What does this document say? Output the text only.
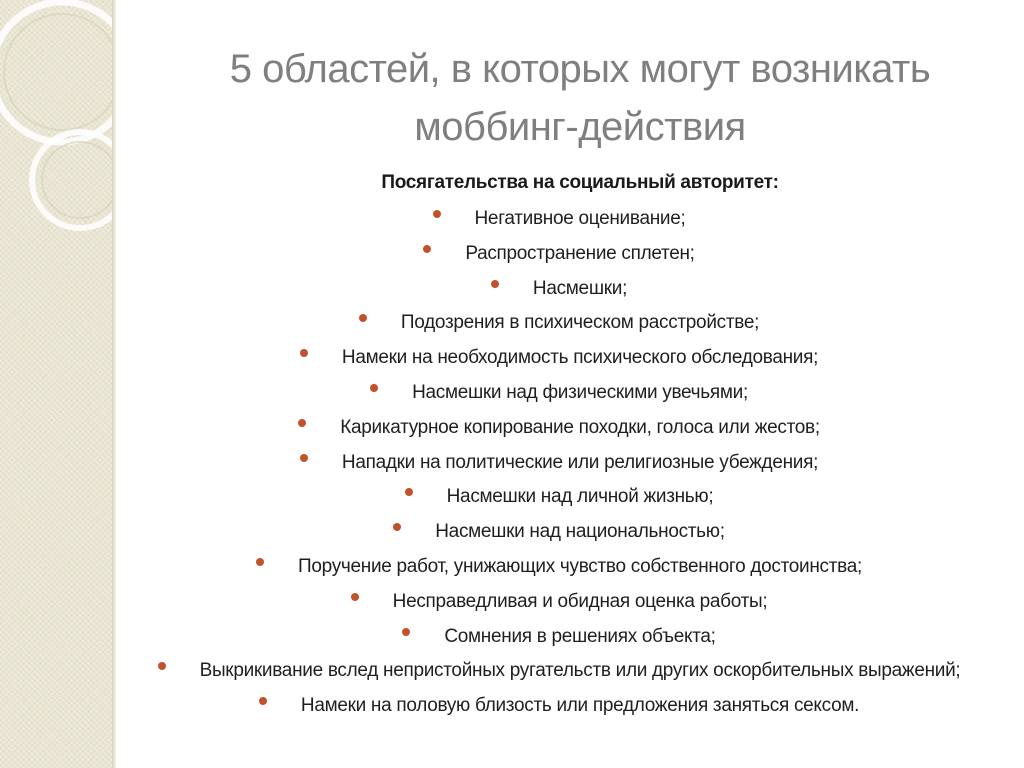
5 областей, в которых могут возникать
моббинг-действия
Посягательства на социальный авторитет:
Негативное оценивание;
Распространение сплетен;
Насмешки;
Подозрения в психическом расстройстве;
Намеки на необходимость психического обследования;
Насмешки над физическими увечьями;
Карикатурное копирование походки, голоса или жестов;
Нападки на политические или религиозные убеждения;
Насмешки над личной жизнью;
Насмешки над национальностью;
Поручение работ, унижающих чувство собственного достоинства;
Несправедливая и обидная оценка работы;
Сомнения в решениях объекта;
Выкрикивание вслед непристойных ругательств или других оскорбительных выражений;
Намеки на половую близость или предложения заняться сексом.
